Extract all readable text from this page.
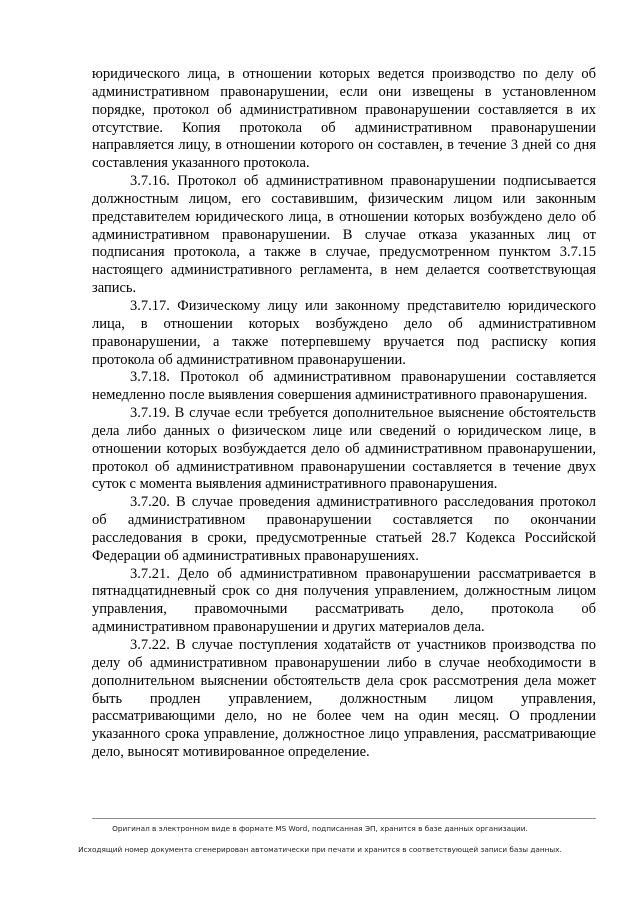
юридического лица, в отношении которых ведется производство по делу об административном правонарушении, если они извещены в установленном порядке, протокол об административном правонарушении составляется в их отсутствие. Копия протокола об административном правонарушении направляется лицу, в отношении которого он составлен, в течение 3 дней со дня составления указанного протокола.

3.7.16. Протокол об административном правонарушении подписывается должностным лицом, его составившим, физическим лицом или законным представителем юридического лица, в отношении которых возбуждено дело об административном правонарушении. В случае отказа указанных лиц от подписания протокола, а также в случае, предусмотренном пунктом 3.7.15 настоящего административного регламента, в нем делается соответствующая запись.

3.7.17. Физическому лицу или законному представителю юридического лица, в отношении которых возбуждено дело об административном правонарушении, а также потерпевшему вручается под расписку копия протокола об административном правонарушении.

3.7.18. Протокол об административном правонарушении составляется немедленно после выявления совершения административного правонарушения.

3.7.19. В случае если требуется дополнительное выяснение обстоятельств дела либо данных о физическом лице или сведений о юридическом лице, в отношении которых возбуждается дело об административном правонарушении, протокол об административном правонарушении составляется в течение двух суток с момента выявления административного правонарушения.

3.7.20. В случае проведения административного расследования протокол об административном правонарушении составляется по окончании расследования в сроки, предусмотренные статьей 28.7 Кодекса Российской Федерации об административных правонарушениях.

3.7.21. Дело об административном правонарушении рассматривается в пятнадцатидневный срок со дня получения управлением, должностным лицом управления, правомочными рассматривать дело, протокола об административном правонарушении и других материалов дела.

3.7.22. В случае поступления ходатайств от участников производства по делу об административном правонарушении либо в случае необходимости в дополнительном выяснении обстоятельств дела срок рассмотрения дела может быть продлен управлением, должностным лицом управления, рассматривающими дело, но не более чем на один месяц. О продлении указанного срока управление, должностное лицо управления, рассматривающие дело, выносят мотивированное определение.

Оригинал в электронном виде в формате MS Word, подписанная ЭП, хранится в базе данных организации.
Исходящий номер документа сгенерирован автоматически при печати и хранится в соответствующей записи базы данных.
